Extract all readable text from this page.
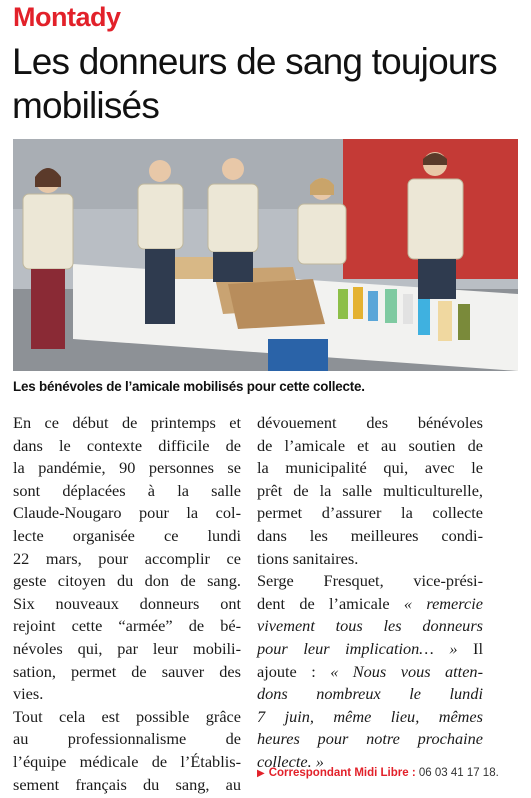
Montady
Les donneurs de sang toujours mobilisés
Les bénévoles de l’amicale mobilisés pour cette collecte.
En ce début de printemps et
dans le contexte difficile de
la pandémie, 90 personnes se
sont déplacées à la salle
Claude-Nougaro pour la col-
lecte organisée ce lundi
22 mars, pour accomplir ce
geste citoyen du don de sang.
Six nouveaux donneurs ont
rejoint cette “armée” de bé-
névoles qui, par leur mobili-
sation, permet de sauver des
vies.
Tout cela est possible grâce
au professionnalisme de
l’équipe médicale de l’Établis-
sement français du sang, au
dévouement des bénévoles
de l’amicale et au soutien de
la municipalité qui, avec le
prêt de la salle multiculturelle,
permet d’assurer la collecte
dans les meilleures condi-
tions sanitaires.
Serge Fresquet, vice-prési-
dent de l’amicale « remercie
vivement tous les donneurs
pour leur implication… » Il
ajoute : « Nous vous atten-
dons nombreux le lundi
7 juin, même lieu, mêmes
heures pour notre prochaine
collecte. »
▶ Correspondant Midi Libre : 06 03 41 17 18.
